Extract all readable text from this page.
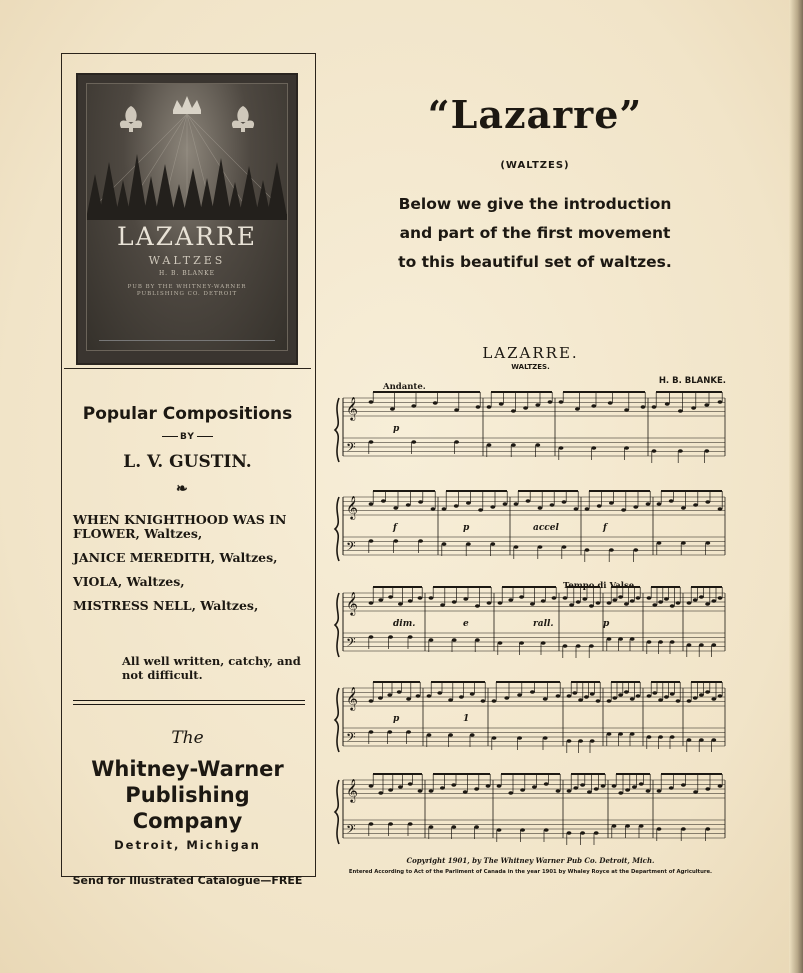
LAZARRE
WALTZES
H. B. BLANKE
PUB BY THE WHITNEY-WARNER
PUBLISHING CO. DETROIT
Popular Compositions
BY
L. V. GUSTIN.
❧
WHEN KNIGHTHOOD WAS IN FLOWER, Waltzes,
JANICE MEREDITH, Waltzes,
VIOLA, Waltzes,
MISTRESS NELL, Waltzes,
All well written, catchy, and not difficult.
The
Whitney-Warner
Publishing
Company
Detroit, Michigan
Send for Illustrated Catalogue—FREE
“Lazarre”
(WALTZES)
Below we give the introduction
and part of the first movement
to this beautiful set of waltzes.
LAZARRE.
WALTZES.
H. B. BLANKE.
Andante.
Tempo di Valse.
𝄞
𝄢
p
𝄞
𝄢
f	p	accel	f
𝄞
𝄢
dim.	e	rall.	p
𝄞
𝄢
p	1
𝄞
𝄢
Copyright 1901, by The Whitney Warner Pub Co. Detroit, Mich.
Entered According to Act of the Parliment of Canada in the year 1901 by Whaley Royce at the Department of Agriculture.
